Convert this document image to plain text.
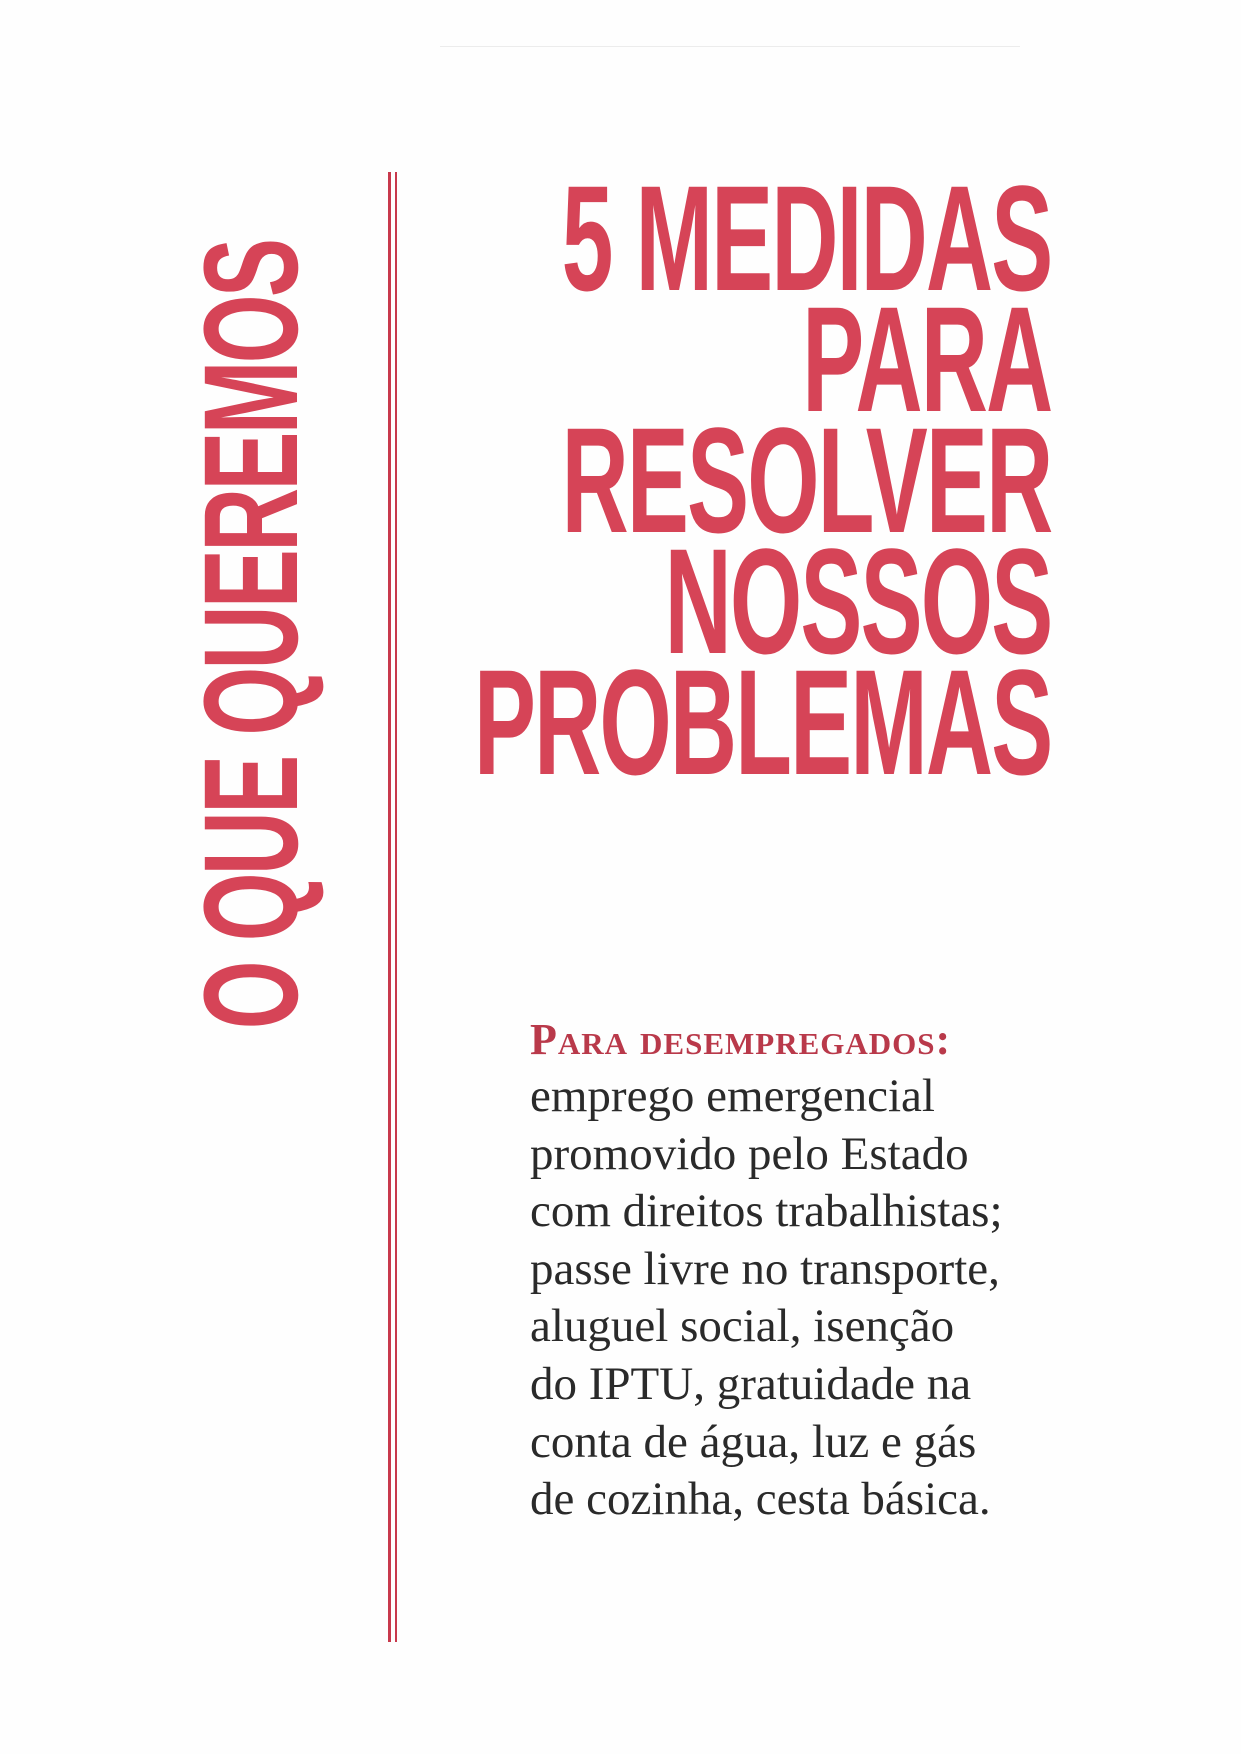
O QUE QUEREMOS
5 MEDIDAS
PARA
RESOLVER
NOSSOS
PROBLEMAS
Para desempregados:
emprego emergencial
promovido pelo Estado
com direitos trabalhistas;
passe livre no transporte,
aluguel social, isenção
do IPTU, gratuidade na
conta de água, luz e gás
de cozinha, cesta básica.
